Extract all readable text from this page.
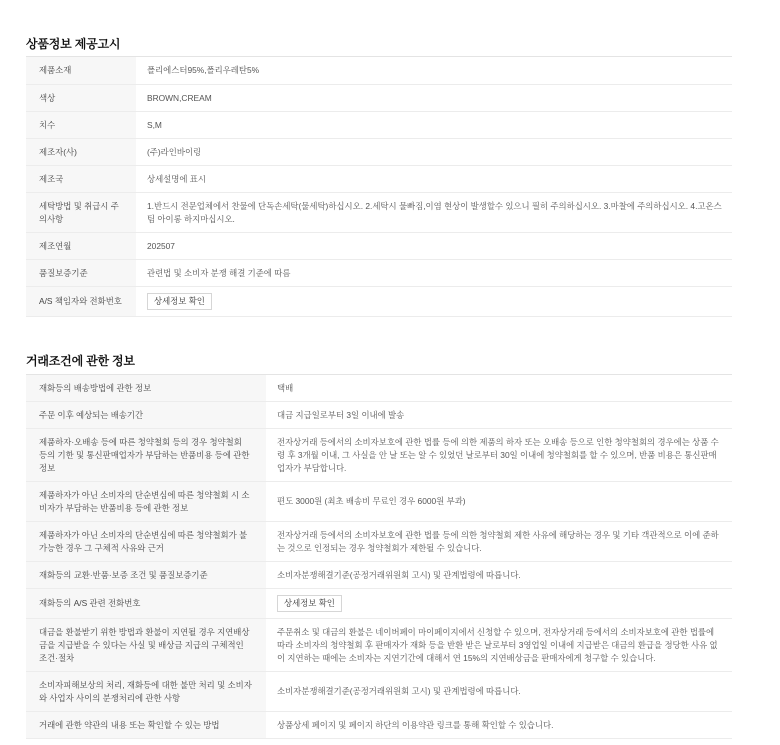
상품정보 제공고시
제품소재	폴리에스터95%,폴리우레탄5%
색상	BROWN,CREAM
치수	S,M
제조자(사)	(주)라인바이링
제조국	상세설명에 표시
세탁방법 및 취급시 주의사항	1.반드시 전문업체에서 찬물에 단독손세탁(물세탁)하십시오. 2.세탁시 물빠짐,이염 현상이 발생할수 있으니 필히 주의하십시오. 3.마찰에 주의하십시오. 4.고온스팀 아이롱 하지마십시오.
제조연월	202507
품질보증기준	관련법 및 소비자 분쟁 해결 기준에 따름
A/S 책임자와 전화번호	상세정보 확인
거래조건에 관한 정보
재화등의 배송방법에 관한 정보	택배
주문 이후 예상되는 배송기간	대금 지급일로부터 3일 이내에 발송
제품하자·오배송 등에 따른 청약철회 등의 경우 청약철회 등의 기한 및 통신판매업자가 부담하는 반품비용 등에 관한 정보	전자상거래 등에서의 소비자보호에 관한 법률 등에 의한 제품의 하자 또는 오배송 등으로 인한 청약철회의 경우에는 상품 수령 후 3개월 이내, 그 사실을 안 날 또는 알 수 있었던 날로부터 30일 이내에 청약철회를 할 수 있으며, 반품 비용은 통신판매업자가 부담합니다.
제품하자가 아닌 소비자의 단순변심에 따른 청약철회 시 소비자가 부담하는 반품비용 등에 관한 정보	편도 3000원 (최초 배송비 무료인 경우 6000원 부과)
제품하자가 아닌 소비자의 단순변심에 따른 청약철회가 불가능한 경우 그 구체적 사유와 근거	전자상거래 등에서의 소비자보호에 관한 법률 등에 의한 청약철회 제한 사유에 해당하는 경우 및 기타 객관적으로 이에 준하는 것으로 인정되는 경우 청약철회가 제한될 수 있습니다.
재화등의 교환·반품·보증 조건 및 품질보증기준	소비자분쟁해결기준(공정거래위원회 고시) 및 관계법령에 따릅니다.
재화등의 A/S 관련 전화번호	상세정보 확인
대금을 환불받기 위한 방법과 환불이 지연될 경우 지연배상금을 지급받을 수 있다는 사실 및 배상금 지급의 구체적인 조건·절차	주문취소 및 대금의 환불은 네이버페이 마이페이지에서 신청할 수 있으며, 전자상거래 등에서의 소비자보호에 관한 법률에 따라 소비자의 청약철회 후 판매자가 재화 등을 반환 받은 날로부터 3영업일 이내에 지급받은 대금의 환급을 정당한 사유 없이 지연하는 때에는 소비자는 지연기간에 대해서 연 15%의 지연배상금을 판매자에게 청구할 수 있습니다.
소비자피해보상의 처리, 재화등에 대한 불만 처리 및 소비자와 사업자 사이의 분쟁처리에 관한 사항	소비자분쟁해결기준(공정거래위원회 고시) 및 관계법령에 따릅니다.
거래에 관한 약관의 내용 또는 확인할 수 있는 방법	상품상세 페이지 및 페이지 하단의 이용약관 링크를 통해 확인할 수 있습니다.
